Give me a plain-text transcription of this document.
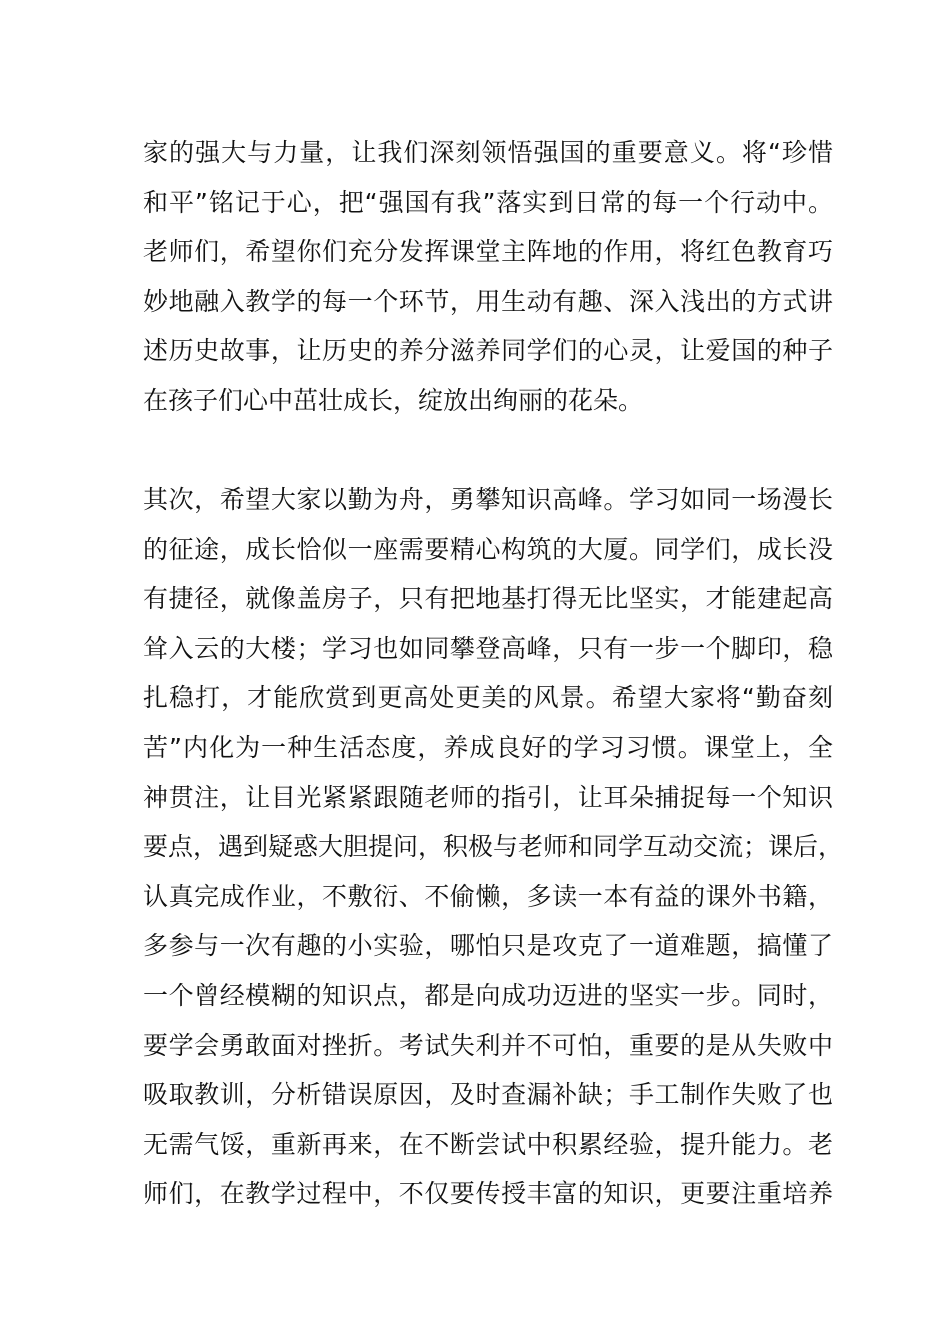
家的强大与力量，让我们深刻领悟强国的重要意义。将“珍惜
和平”铭记于心，把“强国有我”落实到日常的每一个行动中。
老师们，希望你们充分发挥课堂主阵地的作用，将红色教育巧
妙地融入教学的每一个环节，用生动有趣、深入浅出的方式讲
述历史故事，让历史的养分滋养同学们的心灵，让爱国的种子
在孩子们心中茁壮成长，绽放出绚丽的花朵。
其次，希望大家以勤为舟，勇攀知识高峰。学习如同一场漫长
的征途，成长恰似一座需要精心构筑的大厦。同学们，成长没
有捷径，就像盖房子，只有把地基打得无比坚实，才能建起高
耸入云的大楼；学习也如同攀登高峰，只有一步一个脚印，稳
扎稳打，才能欣赏到更高处更美的风景。希望大家将“勤奋刻
苦”内化为一种生活态度，养成良好的学习习惯。课堂上，全
神贯注，让目光紧紧跟随老师的指引，让耳朵捕捉每一个知识
要点，遇到疑惑大胆提问，积极与老师和同学互动交流；课后，
认真完成作业，不敷衍、不偷懒，多读一本有益的课外书籍，
多参与一次有趣的小实验，哪怕只是攻克了一道难题，搞懂了
一个曾经模糊的知识点，都是向成功迈进的坚实一步。同时，
要学会勇敢面对挫折。考试失利并不可怕，重要的是从失败中
吸取教训，分析错误原因，及时查漏补缺；手工制作失败了也
无需气馁，重新再来，在不断尝试中积累经验，提升能力。老
师们，在教学过程中，不仅要传授丰富的知识，更要注重培养
